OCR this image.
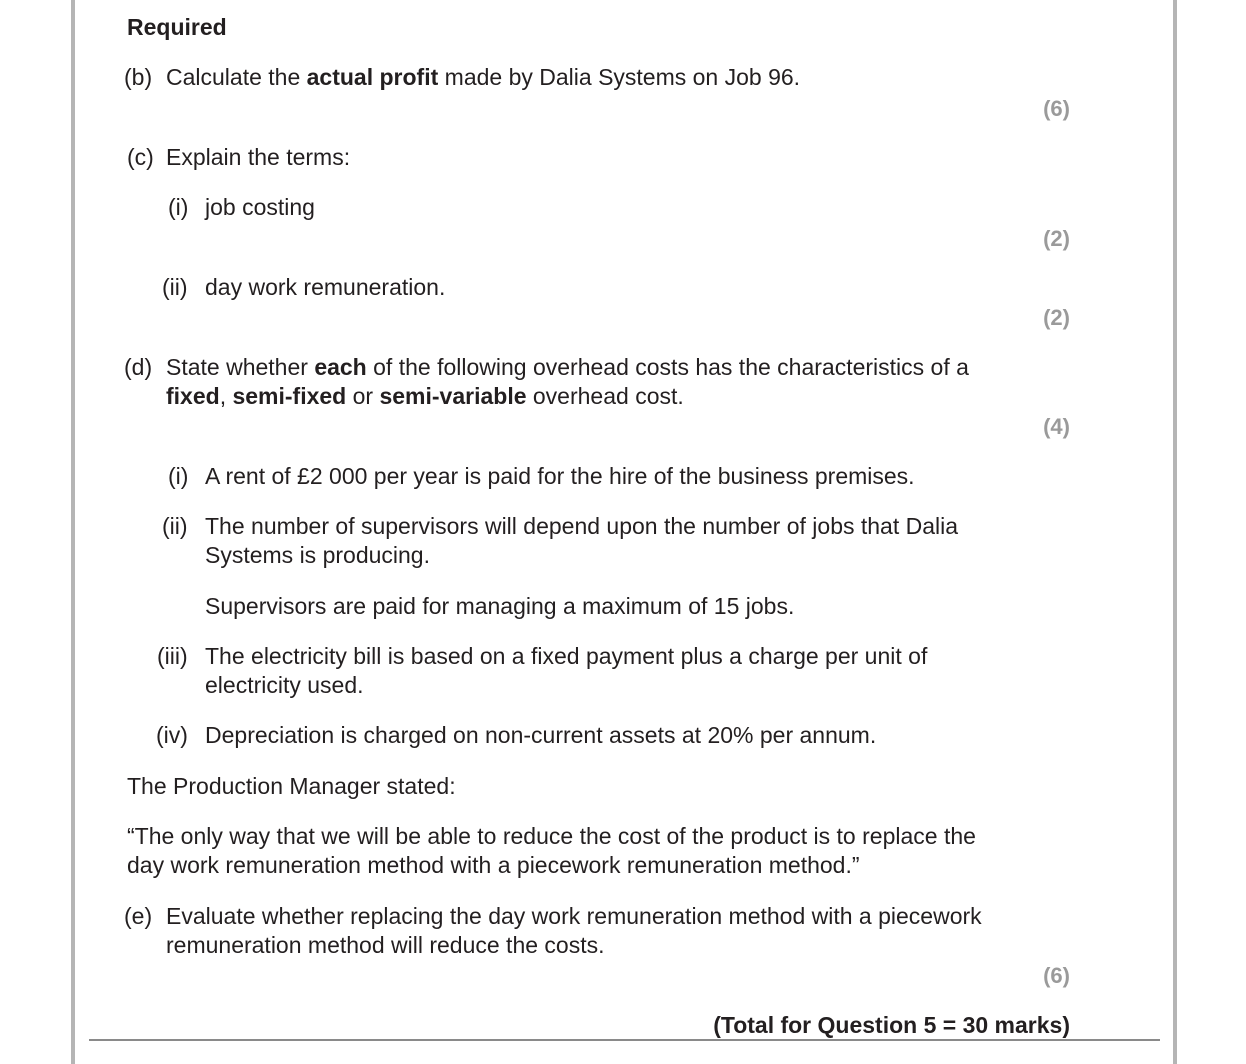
Required
(b) Calculate the actual profit made by Dalia Systems on Job 96.
(6)
(c) Explain the terms:
(i) job costing
(2)
(ii) day work remuneration.
(2)
(d) State whether each of the following overhead costs has the characteristics of a
fixed, semi-fixed or semi-variable overhead cost.
(4)
(i) A rent of £2 000 per year is paid for the hire of the business premises.
(ii) The number of supervisors will depend upon the number of jobs that Dalia
Systems is producing.
Supervisors are paid for managing a maximum of 15 jobs.
(iii) The electricity bill is based on a fixed payment plus a charge per unit of
electricity used.
(iv) Depreciation is charged on non-current assets at 20% per annum.
The Production Manager stated:
“The only way that we will be able to reduce the cost of the product is to replace the
day work remuneration method with a piecework remuneration method.”
(e) Evaluate whether replacing the day work remuneration method with a piecework
remuneration method will reduce the costs.
(6)
(Total for Question 5 = 30 marks)
